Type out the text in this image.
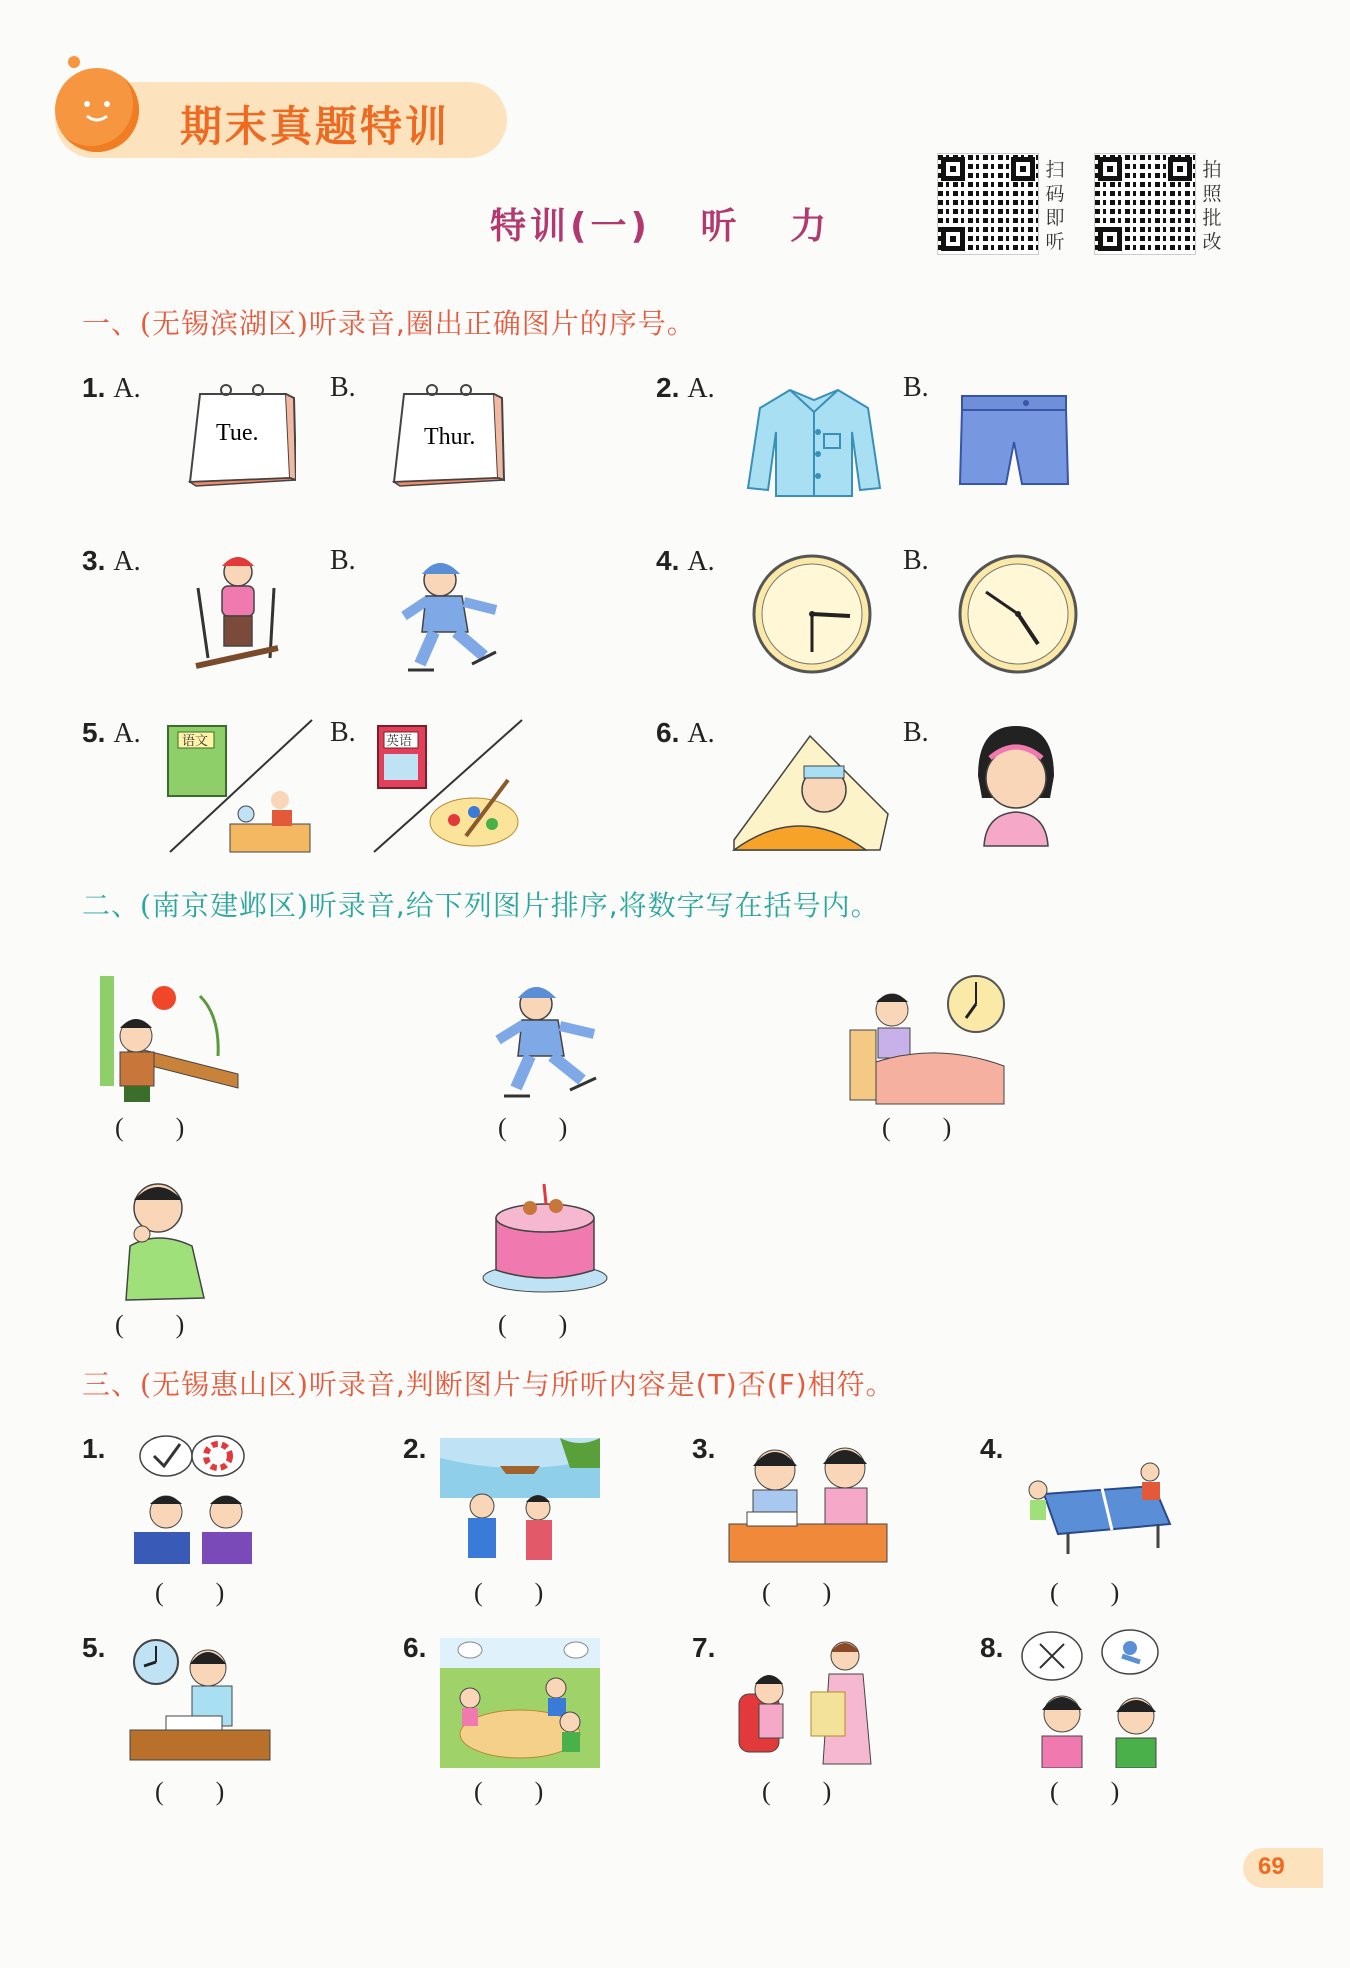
期末真题特训
特训(一)   听   力
扫
码
即
听
拍
照
批
改
一、(无锡滨湖区)听录音,圈出正确图片的序号。
1. A.	B.
Tue.	Thur.
2. A.	B.
3. A.	B.	4. A.	B.
5. A.	B.
语文	英语	6. A.	B.
二、(南京建邺区)听录音,给下列图片排序,将数字写在括号内。
(        )	(        )	(        )
(        )	(        )
三、(无锡惠山区)听录音,判断图片与所听内容是(T)否(F)相符。
1.
(        )
2.
(        )
3.
(        )
4.
(        )
5.
(        )
6.
(        )
7.
(        )
8.
(        )
69
